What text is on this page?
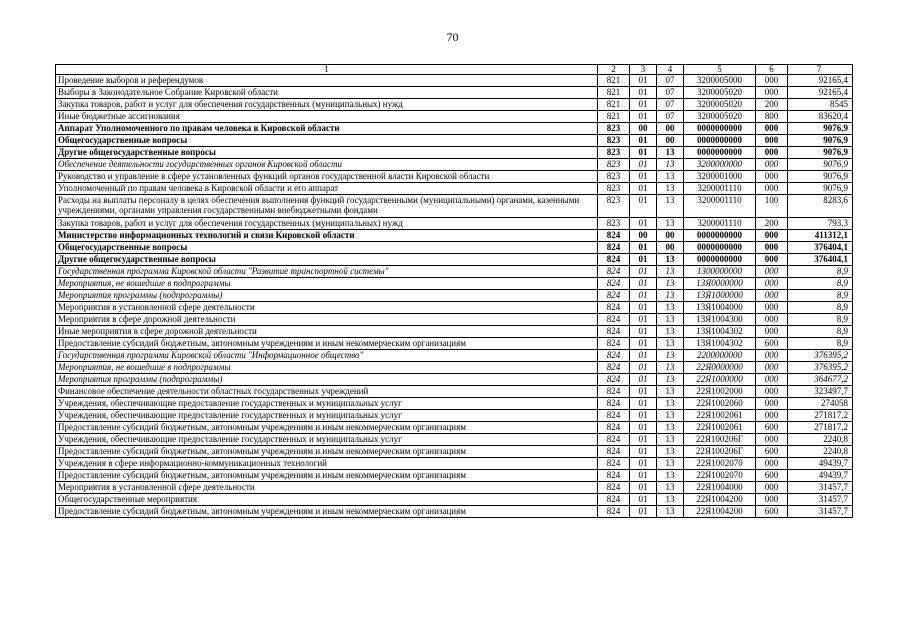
70
1	2	3	4	5	6	7
Проведение выборов и референдумов	821	01	07	3200005000	000	92165,4
Выборы в Законодательное Собрание Кировской области	821	01	07	3200005020	000	92165,4
Закупка товаров, работ и услуг для обеспечения государственных (муниципальных) нужд	821	01	07	3200005020	200	8545
Иные бюджетные ассигнования	821	01	07	3200005020	800	83620,4
Аппарат Уполномоченного по правам человека в Кировской области	823	00	00	0000000000	000	9076,9
Общегосударственные вопросы	823	01	00	0000000000	000	9076,9
Другие общегосударственные вопросы	823	01	13	0000000000	000	9076,9
Обеспечение деятельности государственных органов Кировской области	823	01	13	3200000000	000	9076,9
Руководство и управление в сфере установленных функций органов государственной власти Кировской области	823	01	13	3200001000	000	9076,9
Уполномоченный по правам человека в Кировской области и его аппарат	823	01	13	3200001110	000	9076,9
Расходы на выплаты персоналу в целях обеспечения выполнения функций государственными (муниципальными) органами, казенными учреждениями, органами управления государственными внебюджетными фондами	823	01	13	3200001110	100	8283,6
Закупка товаров, работ и услуг для обеспечения государственных (муниципальных) нужд	823	01	13	3200001110	200	793,3
Министерство информационных технологий и связи Кировской области	824	00	00	0000000000	000	411312,1
Общегосударственные вопросы	824	01	00	0000000000	000	376404,1
Другие общегосударственные вопросы	824	01	13	0000000000	000	376404,1
Государственная программа Кировской области "Развитие транспортной системы"	824	01	13	1300000000	000	8,9
Мероприятия, не вошедшие в подпрограммы	824	01	13	13Я0000000	000	8,9
Мероприятия программы (подпрограммы)	824	01	13	13Я1000000	000	8,9
Мероприятия в установленной сфере деятельности	824	01	13	13Я1004000	000	8,9
Мероприятия в сфере дорожной деятельности	824	01	13	13Я1004300	000	8,9
Иные мероприятия в сфере дорожной деятельности	824	01	13	13Я1004302	000	8,9
Предоставление субсидий бюджетным, автономным учреждениям и иным некоммерческим организациям	824	01	13	13Я1004302	600	8,9
Государственная программа Кировской области "Информационное общество"	824	01	13	2200000000	000	376395,2
Мероприятия, не вошедшие в подпрограммы	824	01	13	22Я0000000	000	376395,2
Мероприятия программы (подпрограммы)	824	01	13	22Я1000000	000	364677,2
Финансовое обеспечение деятельности областных государственных учреждений	824	01	13	22Я1002000	000	323497,7
Учреждения, обеспечивающие предоставление государственных и муниципальных услуг	824	01	13	22Я1002060	000	274058
Учреждения, обеспечивающие предоставление государственных и муниципальных услуг	824	01	13	22Я1002061	000	271817,2
Предоставление субсидий бюджетным, автономным учреждениям и иным некоммерческим организациям	824	01	13	22Я1002061	600	271817,2
Учреждения, обеспечивающие предоставление государственных и муниципальных услуг	824	01	13	22Я100206Г	000	2240,8
Предоставление субсидий бюджетным, автономным учреждениям и иным некоммерческим организациям	824	01	13	22Я100206Г	600	2240,8
Учреждения в сфере информационно-коммуникационных технологий	824	01	13	22Я1002070	000	49439,7
Предоставление субсидий бюджетным, автономным учреждениям и иным некоммерческим организациям	824	01	13	22Я1002070	600	49439,7
Мероприятия в установленной сфере деятельности	824	01	13	22Я1004000	000	31457,7
Общегосударственные мероприятия	824	01	13	22Я1004200	000	31457,7
Предоставление субсидий бюджетным, автономным учреждениям и иным некоммерческим организациям	824	01	13	22Я1004200	600	31457,7
